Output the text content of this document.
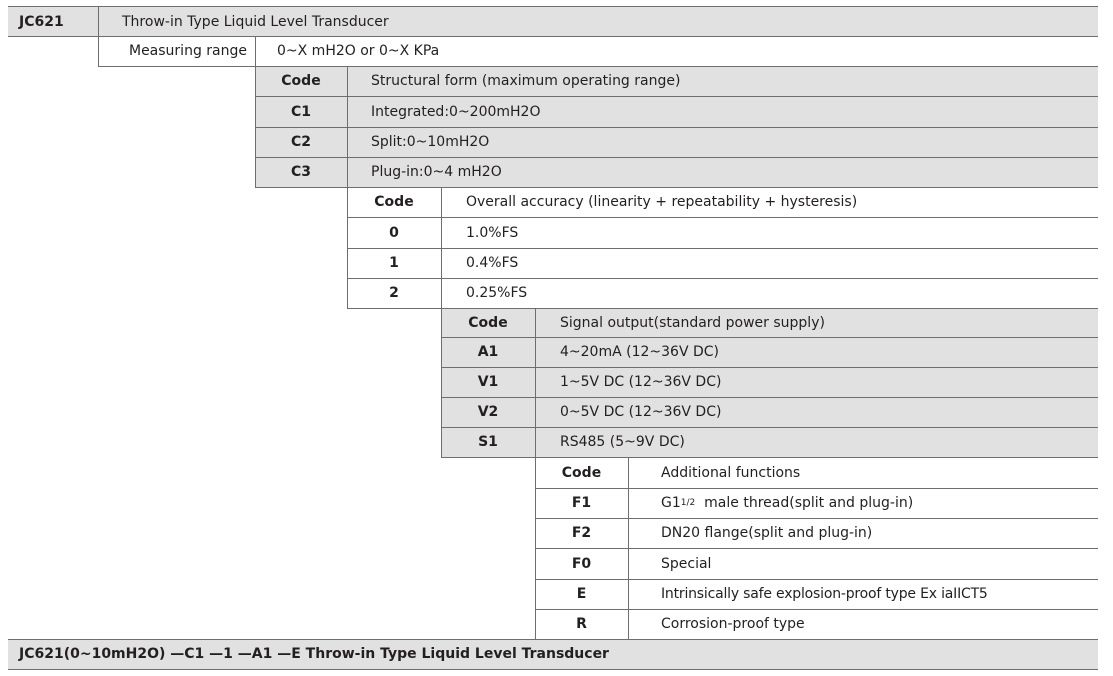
JC621	Throw-in Type Liquid Level Transducer
Measuring range	0~X mH2O or 0~X KPa
Code	Structural form (maximum operating range)
C1	Integrated:0~200mH2O
C2	Split:0~10mH2O
C3	Plug-in:0~4 mH2O
Code	Overall accuracy (linearity + repeatability + hysteresis)
0	1.0%FS
1	0.4%FS
2	0.25%FS
Code	Signal output(standard power supply)
A1	4~20mA (12~36V DC)
V1	1~5V DC (12~36V DC)
V2	0~5V DC (12~36V DC)
S1	RS485 (5~9V DC)
Code	Additional functions
F1	G1 1 /2 male thread(split and plug-in)
F2	DN20 flange(split and plug-in)
F0	Special
E	Intrinsically safe explosion-proof type Ex iaIICT5
R	Corrosion-proof type
JC621(0~10mH2O) —C1 —1 —A1 —E Throw-in Type Liquid Level Transducer
